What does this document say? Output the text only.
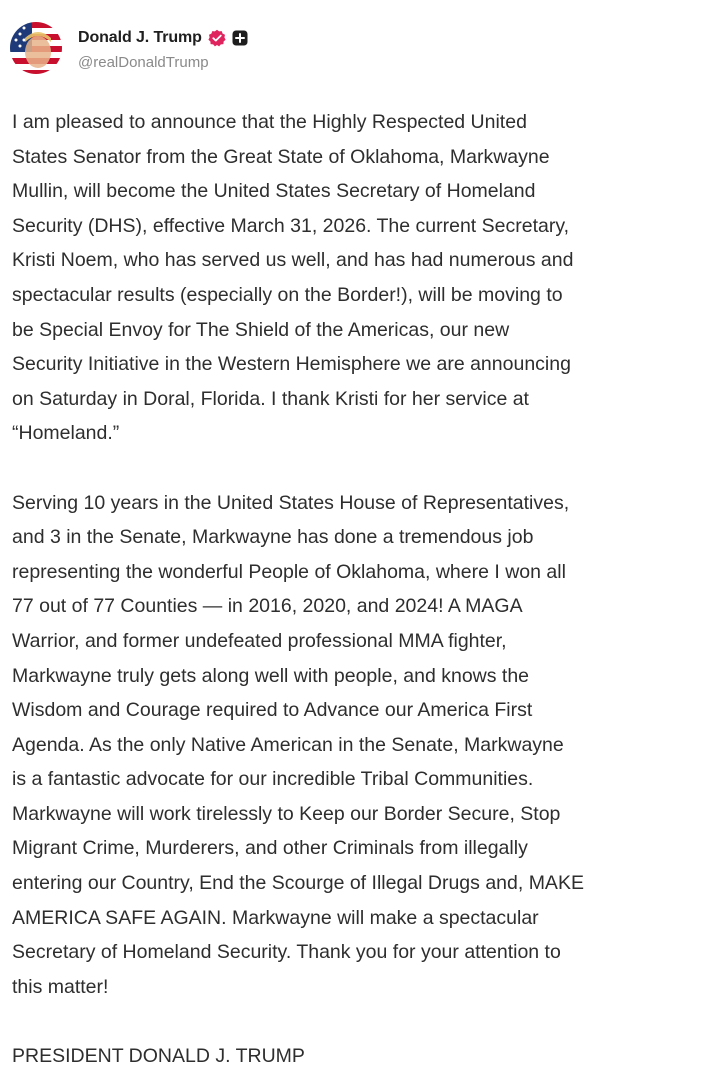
Donald J. Trump
@realDonaldTrump

I am pleased to announce that the Highly Respected United
States Senator from the Great State of Oklahoma, Markwayne
Mullin, will become the United States Secretary of Homeland
Security (DHS), effective March 31, 2026. The current Secretary,
Kristi Noem, who has served us well, and has had numerous and
spectacular results (especially on the Border!), will be moving to
be Special Envoy for The Shield of the Americas, our new
Security Initiative in the Western Hemisphere we are announcing
on Saturday in Doral, Florida. I thank Kristi for her service at
“Homeland.”

Serving 10 years in the United States House of Representatives,
and 3 in the Senate, Markwayne has done a tremendous job
representing the wonderful People of Oklahoma, where I won all
77 out of 77 Counties — in 2016, 2020, and 2024! A MAGA
Warrior, and former undefeated professional MMA fighter,
Markwayne truly gets along well with people, and knows the
Wisdom and Courage required to Advance our America First
Agenda. As the only Native American in the Senate, Markwayne
is a fantastic advocate for our incredible Tribal Communities.
Markwayne will work tirelessly to Keep our Border Secure, Stop
Migrant Crime, Murderers, and other Criminals from illegally
entering our Country, End the Scourge of Illegal Drugs and, MAKE
AMERICA SAFE AGAIN. Markwayne will make a spectacular
Secretary of Homeland Security. Thank you for your attention to
this matter!

PRESIDENT DONALD J. TRUMP
